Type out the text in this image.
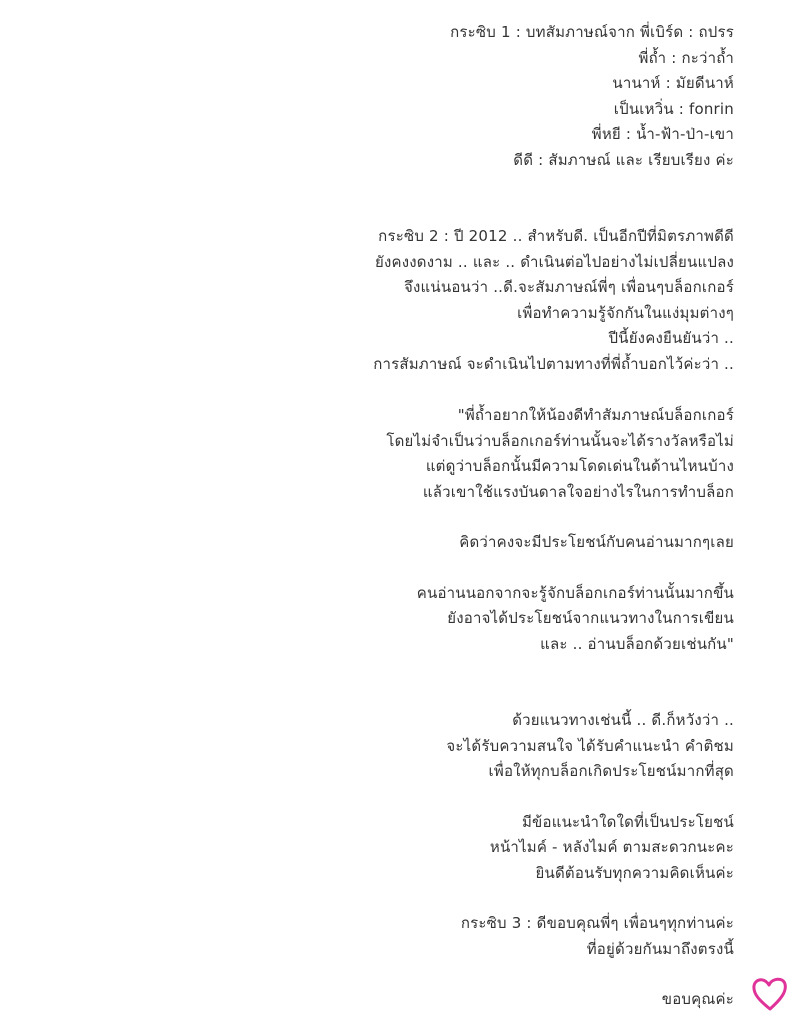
กระซิบ 1 : บทสัมภาษณ์จาก พี่เบิร์ด : ถปรร
พี่ถ้ำ : กะว่าถ้ำ
นานาห์ : มัยดีนาห์
เป็นเหวิ่น : fonrin
พี่หยี : น้ำ-ฟ้า-ป่า-เขา
ดีดี : สัมภาษณ์ และ เรียบเรียง ค่ะ
กระซิบ 2 : ปี 2012 .. สำหรับดี. เป็นอีกปีที่มิตรภาพดีดี
ยังคงงดงาม .. และ .. ดำเนินต่อไปอย่างไม่เปลี่ยนแปลง
จึงแน่นอนว่า ..ดี.จะสัมภาษณ์พี่ๆ เพื่อนๆบล็อกเกอร์
เพื่อทำความรู้จักกันในแง่มุมต่างๆ
ปีนี้ยังคงยืนยันว่า ..
การสัมภาษณ์ จะดำเนินไปตามทางที่พี่ถ้ำบอกไว้ค่ะว่า ..
"พี่ถ้ำอยากให้น้องดีทำสัมภาษณ์บล็อกเกอร์
โดยไม่จำเป็นว่าบล็อกเกอร์ท่านนั้นจะได้รางวัลหรือไม่
แต่ดูว่าบล็อกนั้นมีความโดดเด่นในด้านไหนบ้าง
แล้วเขาใช้แรงบันดาลใจอย่างไรในการทำบล็อก
คิดว่าคงจะมีประโยชน์กับคนอ่านมากๆเลย
คนอ่านนอกจากจะรู้จักบล็อกเกอร์ท่านนั้นมากขึ้น
ยังอาจได้ประโยชน์จากแนวทางในการเขียน
และ .. อ่านบล็อกด้วยเช่นกัน"
ด้วยแนวทางเช่นนี้ .. ดี.ก็หวังว่า ..
จะได้รับความสนใจ ได้รับคำแนะนำ คำติชม
เพื่อให้ทุกบล็อกเกิดประโยชน์มากที่สุด
มีข้อแนะนำใดใดที่เป็นประโยชน์
หน้าไมค์ - หลังไมค์ ตามสะดวกนะคะ
ยินดีต้อนรับทุกความคิดเห็นค่ะ
กระซิบ 3 : ดีขอบคุณพี่ๆ เพื่อนๆทุกท่านค่ะ
ที่อยู่ด้วยกันมาถึงตรงนี้
ขอบคุณค่ะ
